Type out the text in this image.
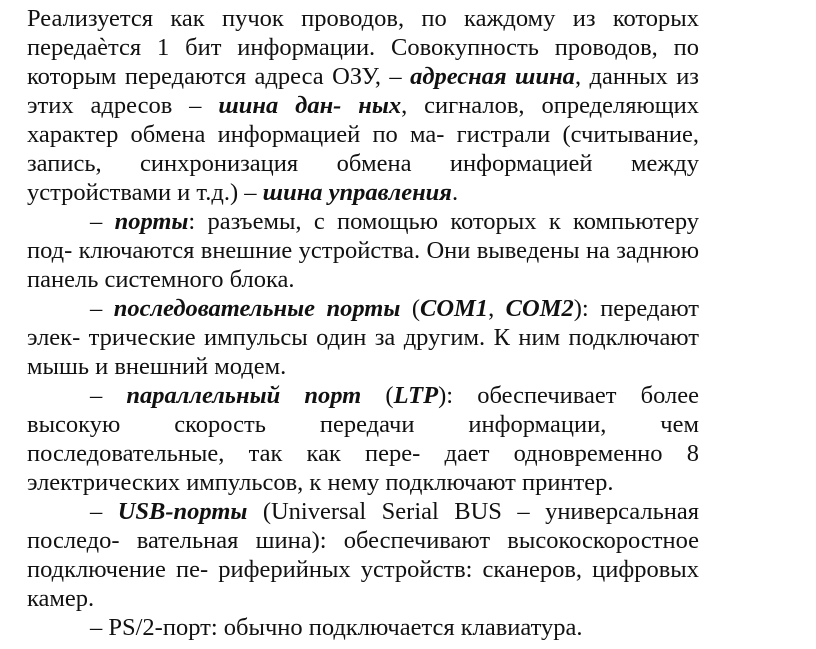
Реализуется как пучок проводов, по каждому из которых передаѐтся 1 бит информации. Совокупность проводов, по которым передаются адреса ОЗУ, – адресная шина, данных из этих адресов – шина дан- ных, сигналов, определяющих характер обмена информацией по ма- гистрали (считывание, запись, синхронизация обмена информацией между устройствами и т.д.) – шина управления.

– порты: разъемы, с помощью которых к компьютеру под- ключаются внешние устройства. Они выведены на заднюю панель системного блока.

– последовательные порты (COM1, COM2): передают элек- трические импульсы один за другим. К ним подключают мышь и внешний модем.

– параллельный порт (LTP): обеспечивает более высокую скорость передачи информации, чем последовательные, так как пере- дает одновременно 8 электрических импульсов, к нему подключают принтер.

– USB-порты (Universal Serial BUS – универсальная последо- вательная шина): обеспечивают высокоскоростное подключение пе- риферийных устройств: сканеров, цифровых камер.

– PS/2-порт: обычно подключается клавиатура.
